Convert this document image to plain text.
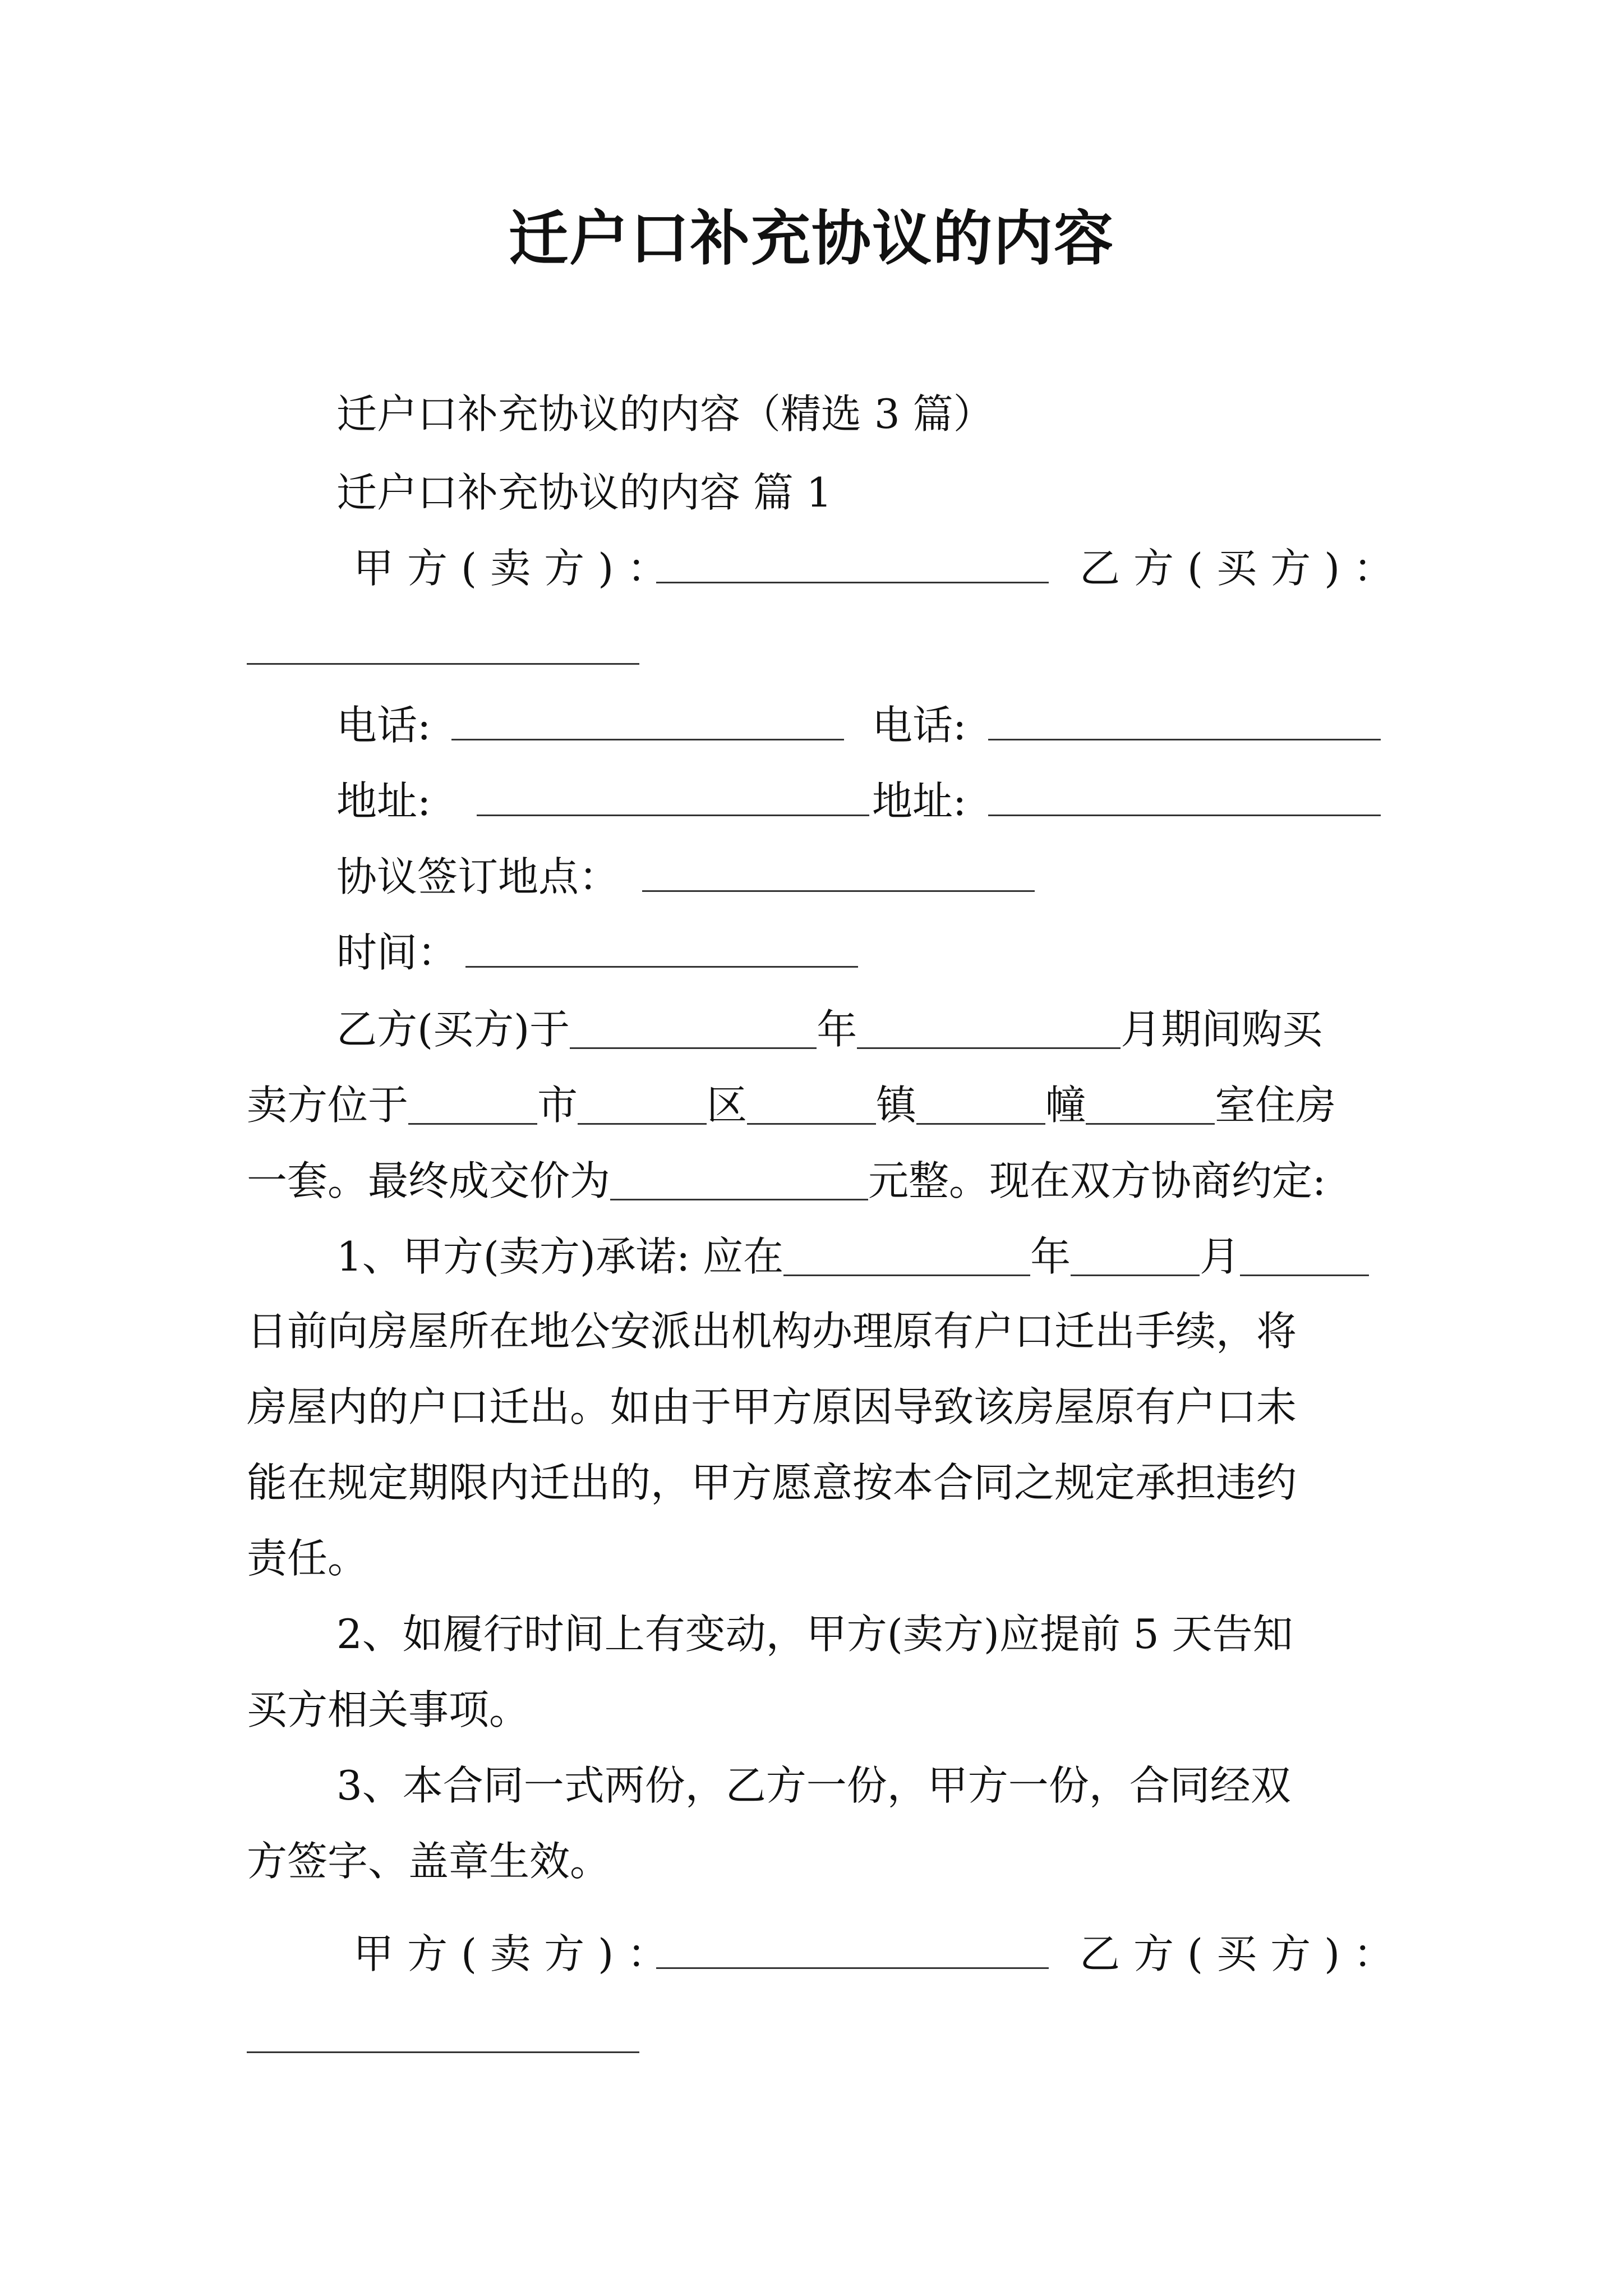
迁户口补充协议的内容
迁户口补充协议的内容（精选 3 篇）
迁户口补充协议的内容 篇 1
甲方(卖方)：	乙方(买方)：
电话:	电话:
地址:	地址:
协议签订地点：
时间：
乙方(买方)于	年	月期间购买
卖方位于	市	区	镇	幢	室住房
一套。最终成交价为	元整。现在双方协商约定:
1、甲方(卖方)承诺: 应在	年	月
日前向房屋所在地公安派出机构办理原有户口迁出手续，将
房屋内的户口迁出。如由于甲方原因导致该房屋原有户口未
能在规定期限内迁出的，甲方愿意按本合同之规定承担违约
责任。
2、如履行时间上有变动，甲方(卖方)应提前 5 天告知
买方相关事项。
3、本合同一式两份，乙方一份，甲方一份，合同经双
方签字、盖章生效。
甲方(卖方)：	乙方(买方)：
